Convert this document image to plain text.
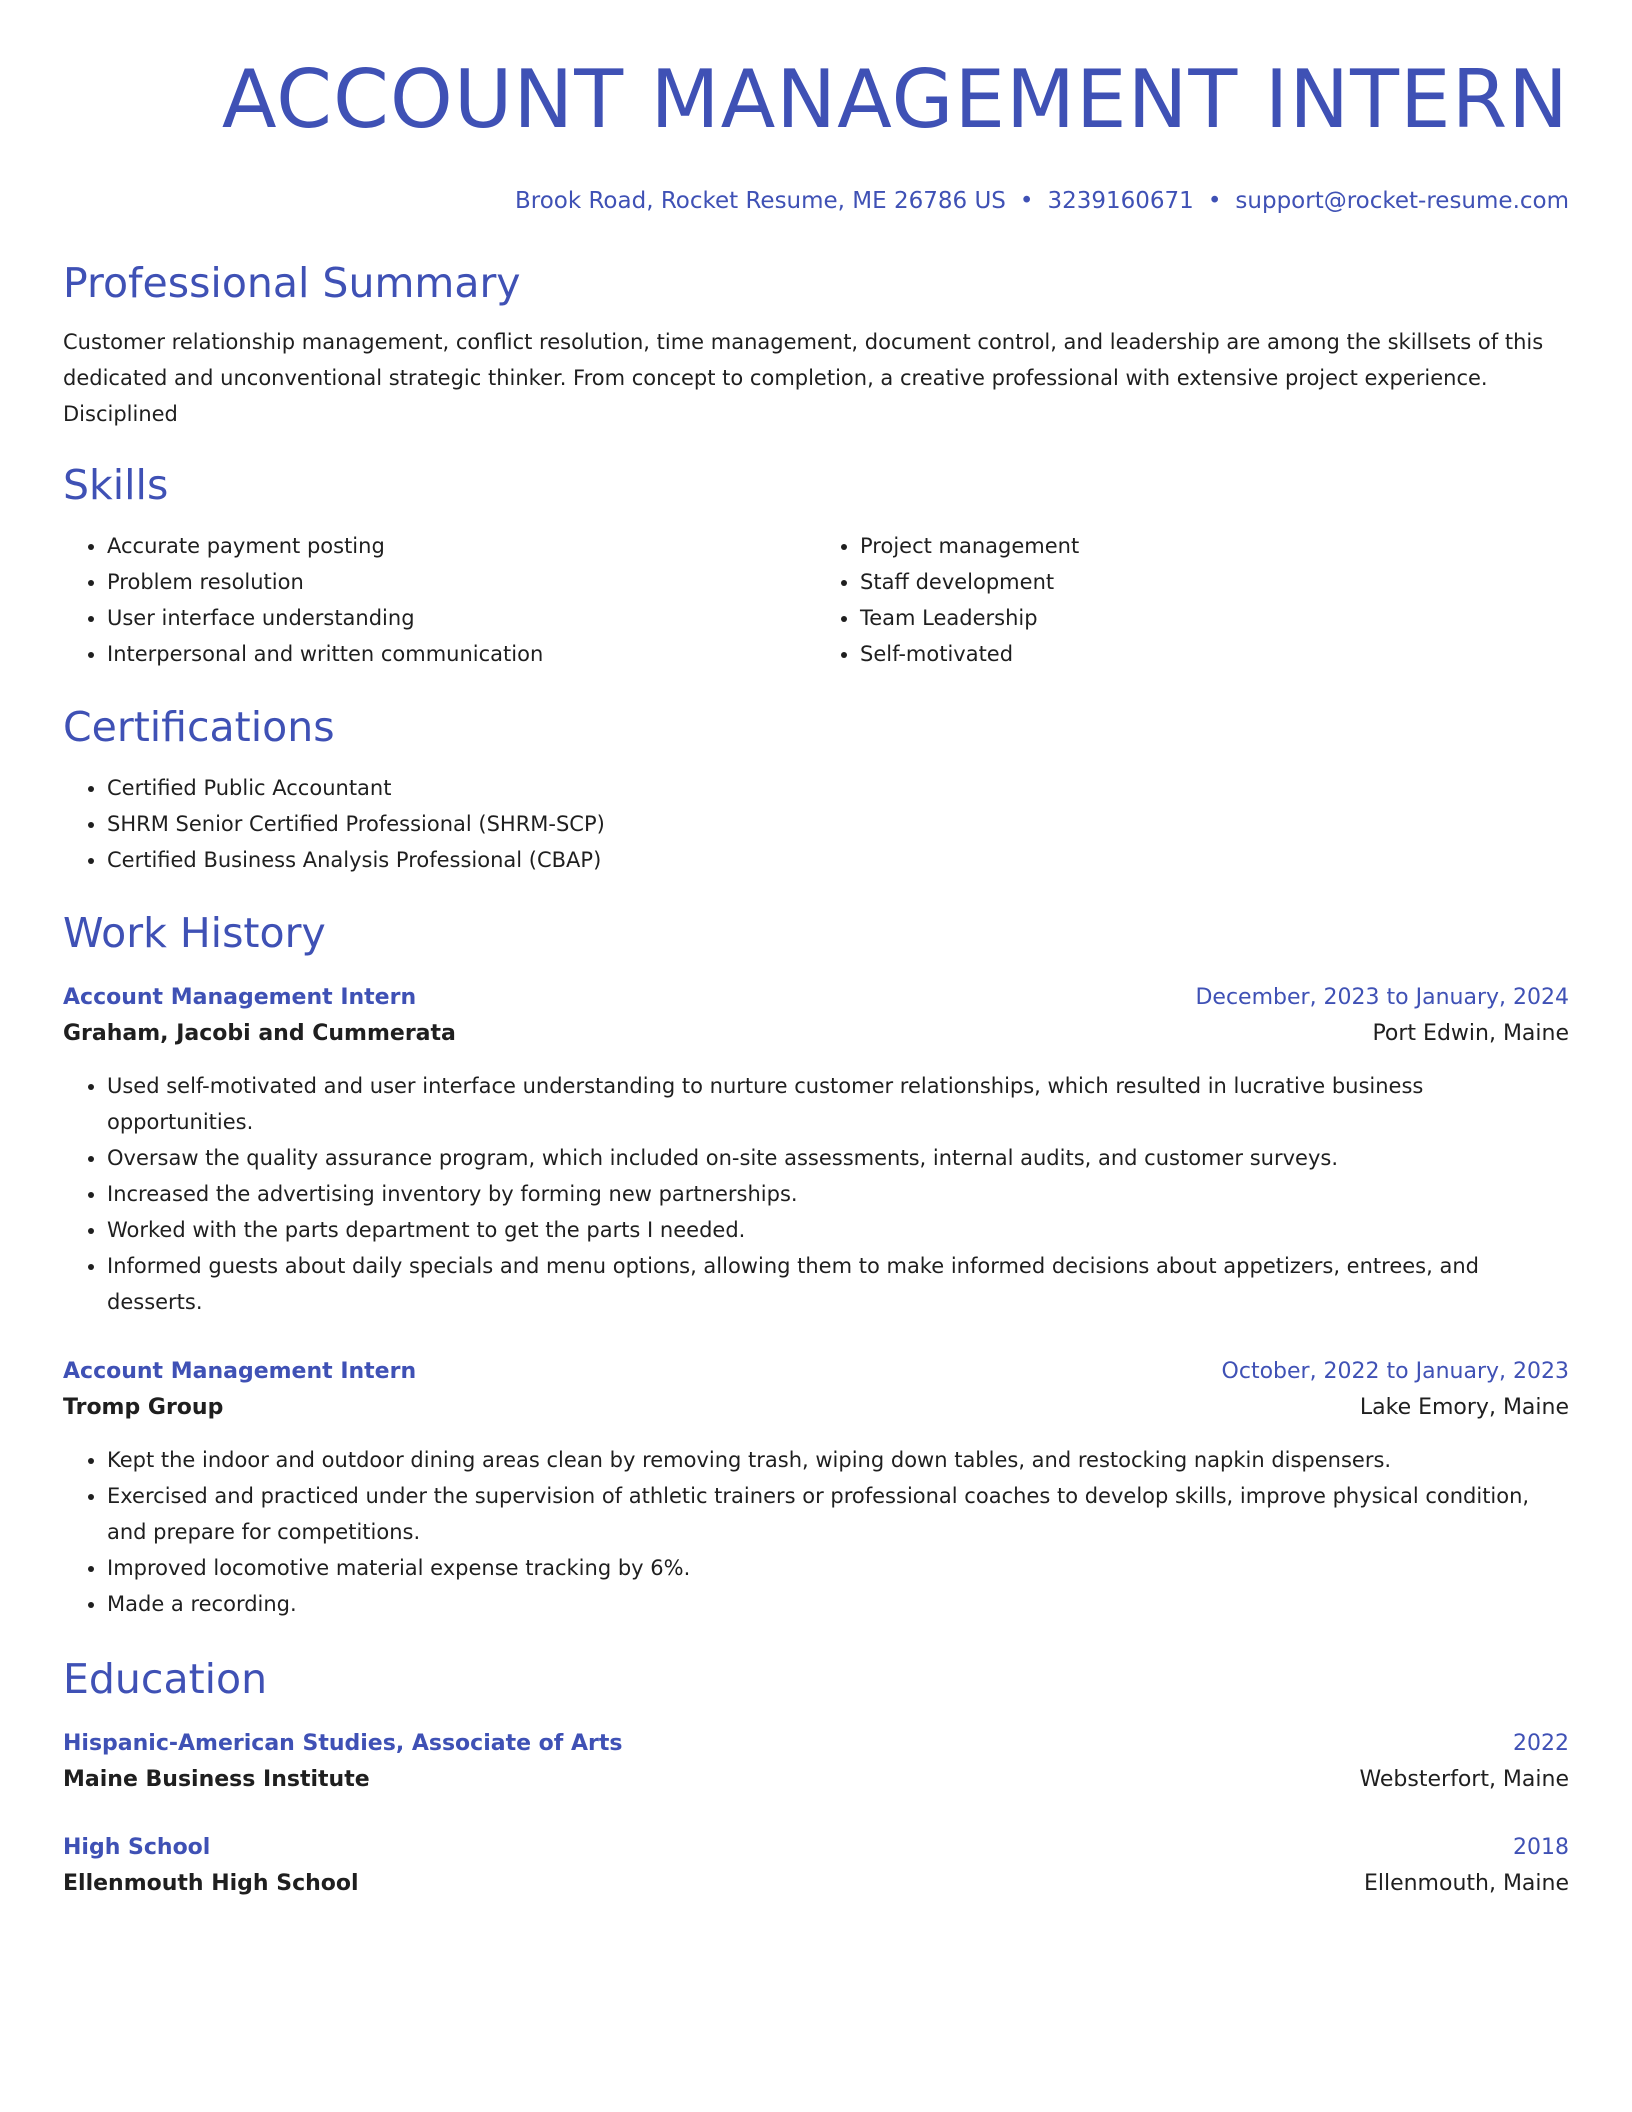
ACCOUNT MANAGEMENT INTERN
Brook Road, Rocket Resume, ME 26786 US • 3239160671 • support@rocket-resume.com
Professional Summary

Customer relationship management, conflict resolution, time management, document control, and leadership are among the skillsets of this dedicated and unconventional strategic thinker. From concept to completion, a creative professional with extensive project experience. Disciplined

Skills
• Accurate payment posting
• Problem resolution
• User interface understanding
• Interpersonal and written communication
• Project management
• Staff development
• Team Leadership
• Self-motivated
Certifications
• Certified Public Accountant
• SHRM Senior Certified Professional (SHRM-SCP)
• Certified Business Analysis Professional (CBAP)
Work History
Account Management Intern	December, 2023 to January, 2024
Graham, Jacobi and Cummerata	Port Edwin, Maine
• Used self-motivated and user interface understanding to nurture customer relationships, which resulted in lucrative business opportunities.
• Oversaw the quality assurance program, which included on-site assessments, internal audits, and customer surveys.
• Increased the advertising inventory by forming new partnerships.
• Worked with the parts department to get the parts I needed.
• Informed guests about daily specials and menu options, allowing them to make informed decisions about appetizers, entrees, and desserts.
Account Management Intern	October, 2022 to January, 2023
Tromp Group	Lake Emory, Maine
• Kept the indoor and outdoor dining areas clean by removing trash, wiping down tables, and restocking napkin dispensers.
• Exercised and practiced under the supervision of athletic trainers or professional coaches to develop skills, improve physical condition, and prepare for competitions.
• Improved locomotive material expense tracking by 6%.
• Made a recording.
Education
Hispanic-American Studies, Associate of Arts	2022
Maine Business Institute	Websterfort, Maine
High School	2018
Ellenmouth High School	Ellenmouth, Maine
